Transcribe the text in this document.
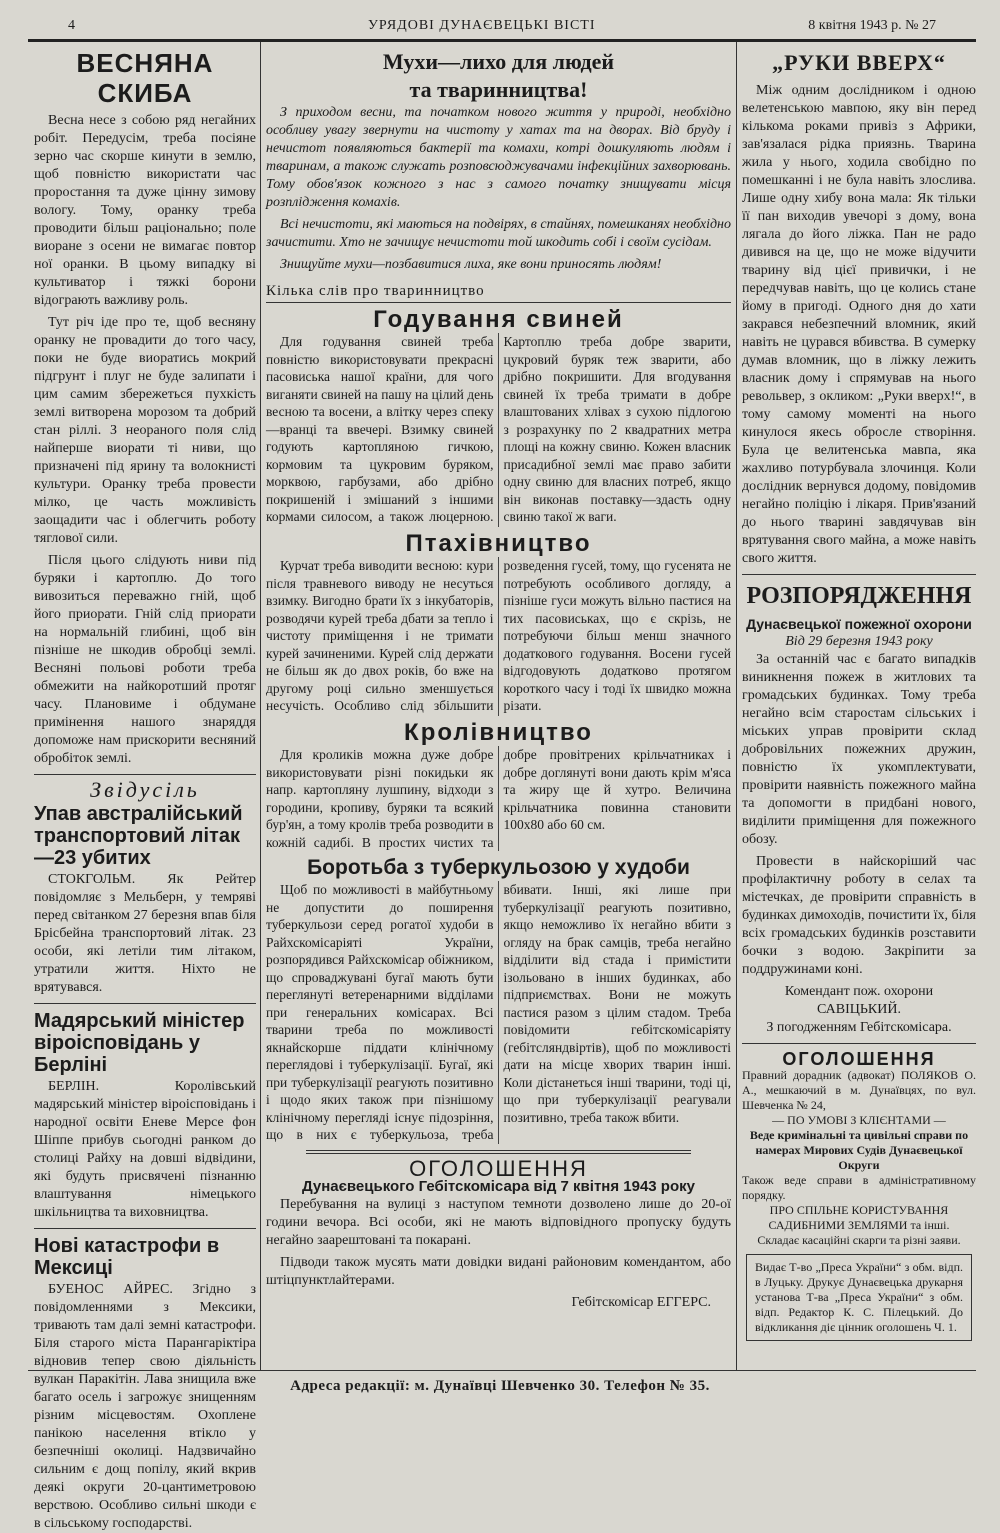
4	УРЯДОВІ ДУНАЄВЕЦЬКІ ВІСТІ	8 квітня 1943 р. № 27
ВЕСНЯНА СКИБА

Весна несе з собою ряд негайних робіт. Передусім, треба посіяне зерно час скорше кинути в землю, щоб повністю використати час проростання та дуже цінну зимову вологу. Тому, оранку треба проводити більш раціонально; поле виоране з осени не вимагає повтор ної оранки. В цьому випадку ві культиватор і тяжкі борони відограють важливу роль.

Тут річ іде про те, щоб весняну оранку не провадити до того часу, поки не буде виоратись мокрий підгрунт і плуг не буде залипати і цим самим збережеться пухкість землі витворена морозом та добрий стан ріллі. З неораного поля слід найперше виорати ті ниви, що призначені під ярину та волокнисті культури. Оранку треба провести мілко, це часть можливість заощадити час і облегчить роботу тяглової сили.

Після цього слідують ниви під буряки і картоплю. До того вивозиться переважно гній, щоб його приорати. Гній слід приорати на нормальній глибині, щоб він пізніше не шкодив обробці землі. Весняні польові роботи треба обмежити на найкоротший протяг часу. Плановиме і обдумане примінення нашого знаряддя допоможе нам прискорити весняний обробіток землі.

Звідусіль
Упав австралійський транспортовий літак—23 убитих

СТОКГОЛЬМ. Як Рейтер повідомляє з Мельберн, у темряві перед світанком 27 березня впав біля Брісбейна транспортовий літак. 23 особи, які летіли тим літаком, утратили життя. Ніхто не врятувався.

Мадярський міністер віроісповідань у Берліні

БЕРЛІН. Королівський мадярський міністер віроісповідань і народної освіти Еневе Мерсе фон Шіппе прибув сьогодні ранком до столиці Райху на довші відвідини, які будуть присвячені пізнанню влаштування німецького шкільництва та виховництва.

Нові катастрофи в Мексиці

БУЕНОС АЙРЕС. Згідно з повідомленнями з Мексики, тривають там далі земні катастрофи. Біля старого міста Парангаріктіра відновив тепер свою діяльність вулкан Паракітін. Лава знищила вже багато осель і загрожує знищенням різним місцевостям. Охоплене панікою населення втікло у безпечніші околиці. Надзвичайно сильним є дощ попілу, який вкрив деякі округи 20-цантиметровою верствою. Особливо сильні шкоди є в сільському господарстві.

Мухи—лихо для людей
та тваринництва!

З приходом весни, та початком нового життя у природі, необхідно особливу увагу звернути на чистоту у хатах та на дворах. Від бруду і нечистот появляються бактерії та комахи, котрі дошкуляють людям і тваринам, а також служать розповсюджувачами інфекційних захворювань. Тому обов'язок кожного з нас з самого початку знищувати місця розплідження комахів.

Всі нечистоти, які маються на подвірях, в стайнях, помешканях необхідно зачистити. Хто не зачищує нечистоти той шкодить собі і своїм сусідам.

Знищуйте мухи—позбавитися лиха, яке вони приносять людям!

Кілька слів про тваринництво
Годування свиней

Для годування свиней треба повністю використовувати прекрасні пасовиська нашої країни, для чого виганяти свиней на пашу на цілий день весною та восени, а влітку через спеку—вранці та ввечері. Взимку свиней годують картопляною гичкою, кормовим та цукровим буряком, морквою, гарбузами, або дрібно покришеній і змішаний з іншими кормами силосом, а також люцерною. Картоплю треба добре зварити, цукровий буряк теж зварити, або дрібно покришити. Для вгодування свиней їх треба тримати в добре влаштованих хлівах з сухою підлогою з розрахунку по 2 квадратних метра площі на кожну свиню. Кожен власник присадибної землі має право забити одну свиню для власних потреб, якщо він виконав поставку—здасть одну свиню такої ж ваги.

Птахівництво

Курчат треба виводити весною: кури після травневого виводу не несуться взимку. Вигодно брати їх з інкубаторів, розводячи курей треба дбати за тепло і чистоту приміщення і не тримати курей зачиненими. Курей слід держати не більш як до двох років, бо вже на другому році сильно зменшується несучість. Особливо слід збільшити розведення гусей, тому, що гусенята не потребують особливого догляду, а пізніше гуси можуть вільно пастися на тих пасовиськах, що є скрізь, не потребуючи більш менш значного додаткового годування. Восени гусей відгодовують додатково протягом короткого часу і тоді їх швидко можна різати.

Кролівництво

Для кроликів можна дуже добре використовувати різні покидьки як напр. картопляну лушпину, відходи з городини, кропиву, буряки та всякий бур'ян, а тому кролів треба розводити в кожній садибі. В простих чистих та добре провітрених крільчатниках і добре доглянуті вони дають крім м'яса та жиру ще й хутро. Величина крільчатника повинна становити 100х80 або 60 см.

Боротьба з туберкульозою у худоби

Щоб по можливості в майбутньому не допустити до поширення туберкульози серед рогатої худоби в Райхскомісаріяті України, розпорядився Райхскомісар обіжником, що спроваджувані бугаї мають бути переглянуті ветеренарними відділами при генеральних комісарах. Всі тварини треба по можливості якнайскорше піддати клінічному переглядові і туберкулізації. Бугаї, які при туберкулізації реагують позитивно і щодо яких також при пізнішому клінічному перегляді існує підозріння, що в них є туберкульоза, треба вбивати. Інші, які лише при туберкулізації реагують позитивно, якщо неможливо їх негайно вбити з огляду на брак самців, треба негайно відділити від стада і примістити ізольовано в інших будинках, або підприємствах. Вони не можуть пастися разом з цілим стадом. Треба повідомити гебітскомісаріяту (гебітсляндвіртів), щоб по можливості дати на місце хворих тварин інші. Коли дістанеться інші тварини, тоді ці, що при туберкулізації реагували позитивно, треба також вбити.

ОГОЛОШЕННЯ
Дунаєвецького Гебітскомісара від 7 квітня 1943 року

Перебування на вулиці з наступом темноти дозволено лише до 20-ої години вечора. Всі особи, які не мають відповідного пропуску будуть негайно заарештовані та покарані.

Підводи також мусять мати довідки видані районовим комендантом, або штіцпунктлайтерами.

Гебітскомісар ЕГГЕРС.
„РУКИ ВВЕРХ“

Між одним дослідником і одною велетенською мавпою, яку він перед кількома роками привіз з Африки, зав'язалася рідка приязнь. Тварина жила у нього, ходила свобідно по помешканні і не була навіть злослива. Лише одну хибу вона мала: Як тільки її пан виходив увечорі з дому, вона лягала до його ліжка. Пан не радо дивився на це, що не може відучити тварину від цієї привички, і не передчував навіть, що це колись стане йому в пригоді. Одного дня до хати закрався небезпечний вломник, який навіть не цурався вбивства. В сумерку думав вломник, що в ліжку лежить власник дому і спрямував на нього револьвер, з окликом: „Руки вверх!“, в тому самому моменті на нього кинулося якесь обросле створіння. Була це велитенська мавпа, яка жахливо потурбувала злочинця. Коли дослідник вернувся додому, повідомив негайно поліцію і лікаря. Прив'язаний до нього тварині завдячував він врятування свого майна, а може навіть свого життя.

РОЗПОРЯДЖЕННЯ
Дунаєвецької пожежної охорони
Від 29 березня 1943 року

За останній час є багато випадків виникнення пожеж в житлових та громадських будинках. Тому треба негайно всім старостам сільських і міських управ провірити склад добровільних пожежних дружин, повністю їх укомплектувати, провірити наявність пожежного майна та допомогти в придбані нового, виділити приміщення для пожежного обозу.

Провести в найскоріший час профілактичну роботу в селах та містечках, де провірити справність в будинках димоходів, почистити їх, біля всіх громадських будинків розставити бочки з водою. Закріпити за поддружинами коні.

Комендант пож. охорони САВІЦЬКИЙ.
З погодженням Гебітскомісара.
ОГОЛОШЕННЯ
Правний дорадник (адвокат) ПОЛЯКОВ О. А., мешкаючий в м. Дунаївцях, по вул. Шевченка № 24,
— ПО УМОВІ З КЛІЄНТАМИ —
Веде кримінальні та цивільні справи по намерах Мирових Судів Дунаєвецької Округи
Також веде справи в адміністративному порядку.
ПРО СПІЛЬНЕ КОРИСТУВАННЯ САДИБНИМИ ЗЕМЛЯМИ та інші.
Складає касаційні скарги та різні заяви.
Видає Т-во „Преса України“ з обм. відп. в Луцьку. Друкує Дунаєвецька друкарня установа Т-ва „Преса України“ з обм. відп. Редактор К. С. Пілецький. До відкликання діє цінник оголошень Ч. 1.
Адреса редакції: м. Дунаївці Шевченко 30. Телефон № 35.
